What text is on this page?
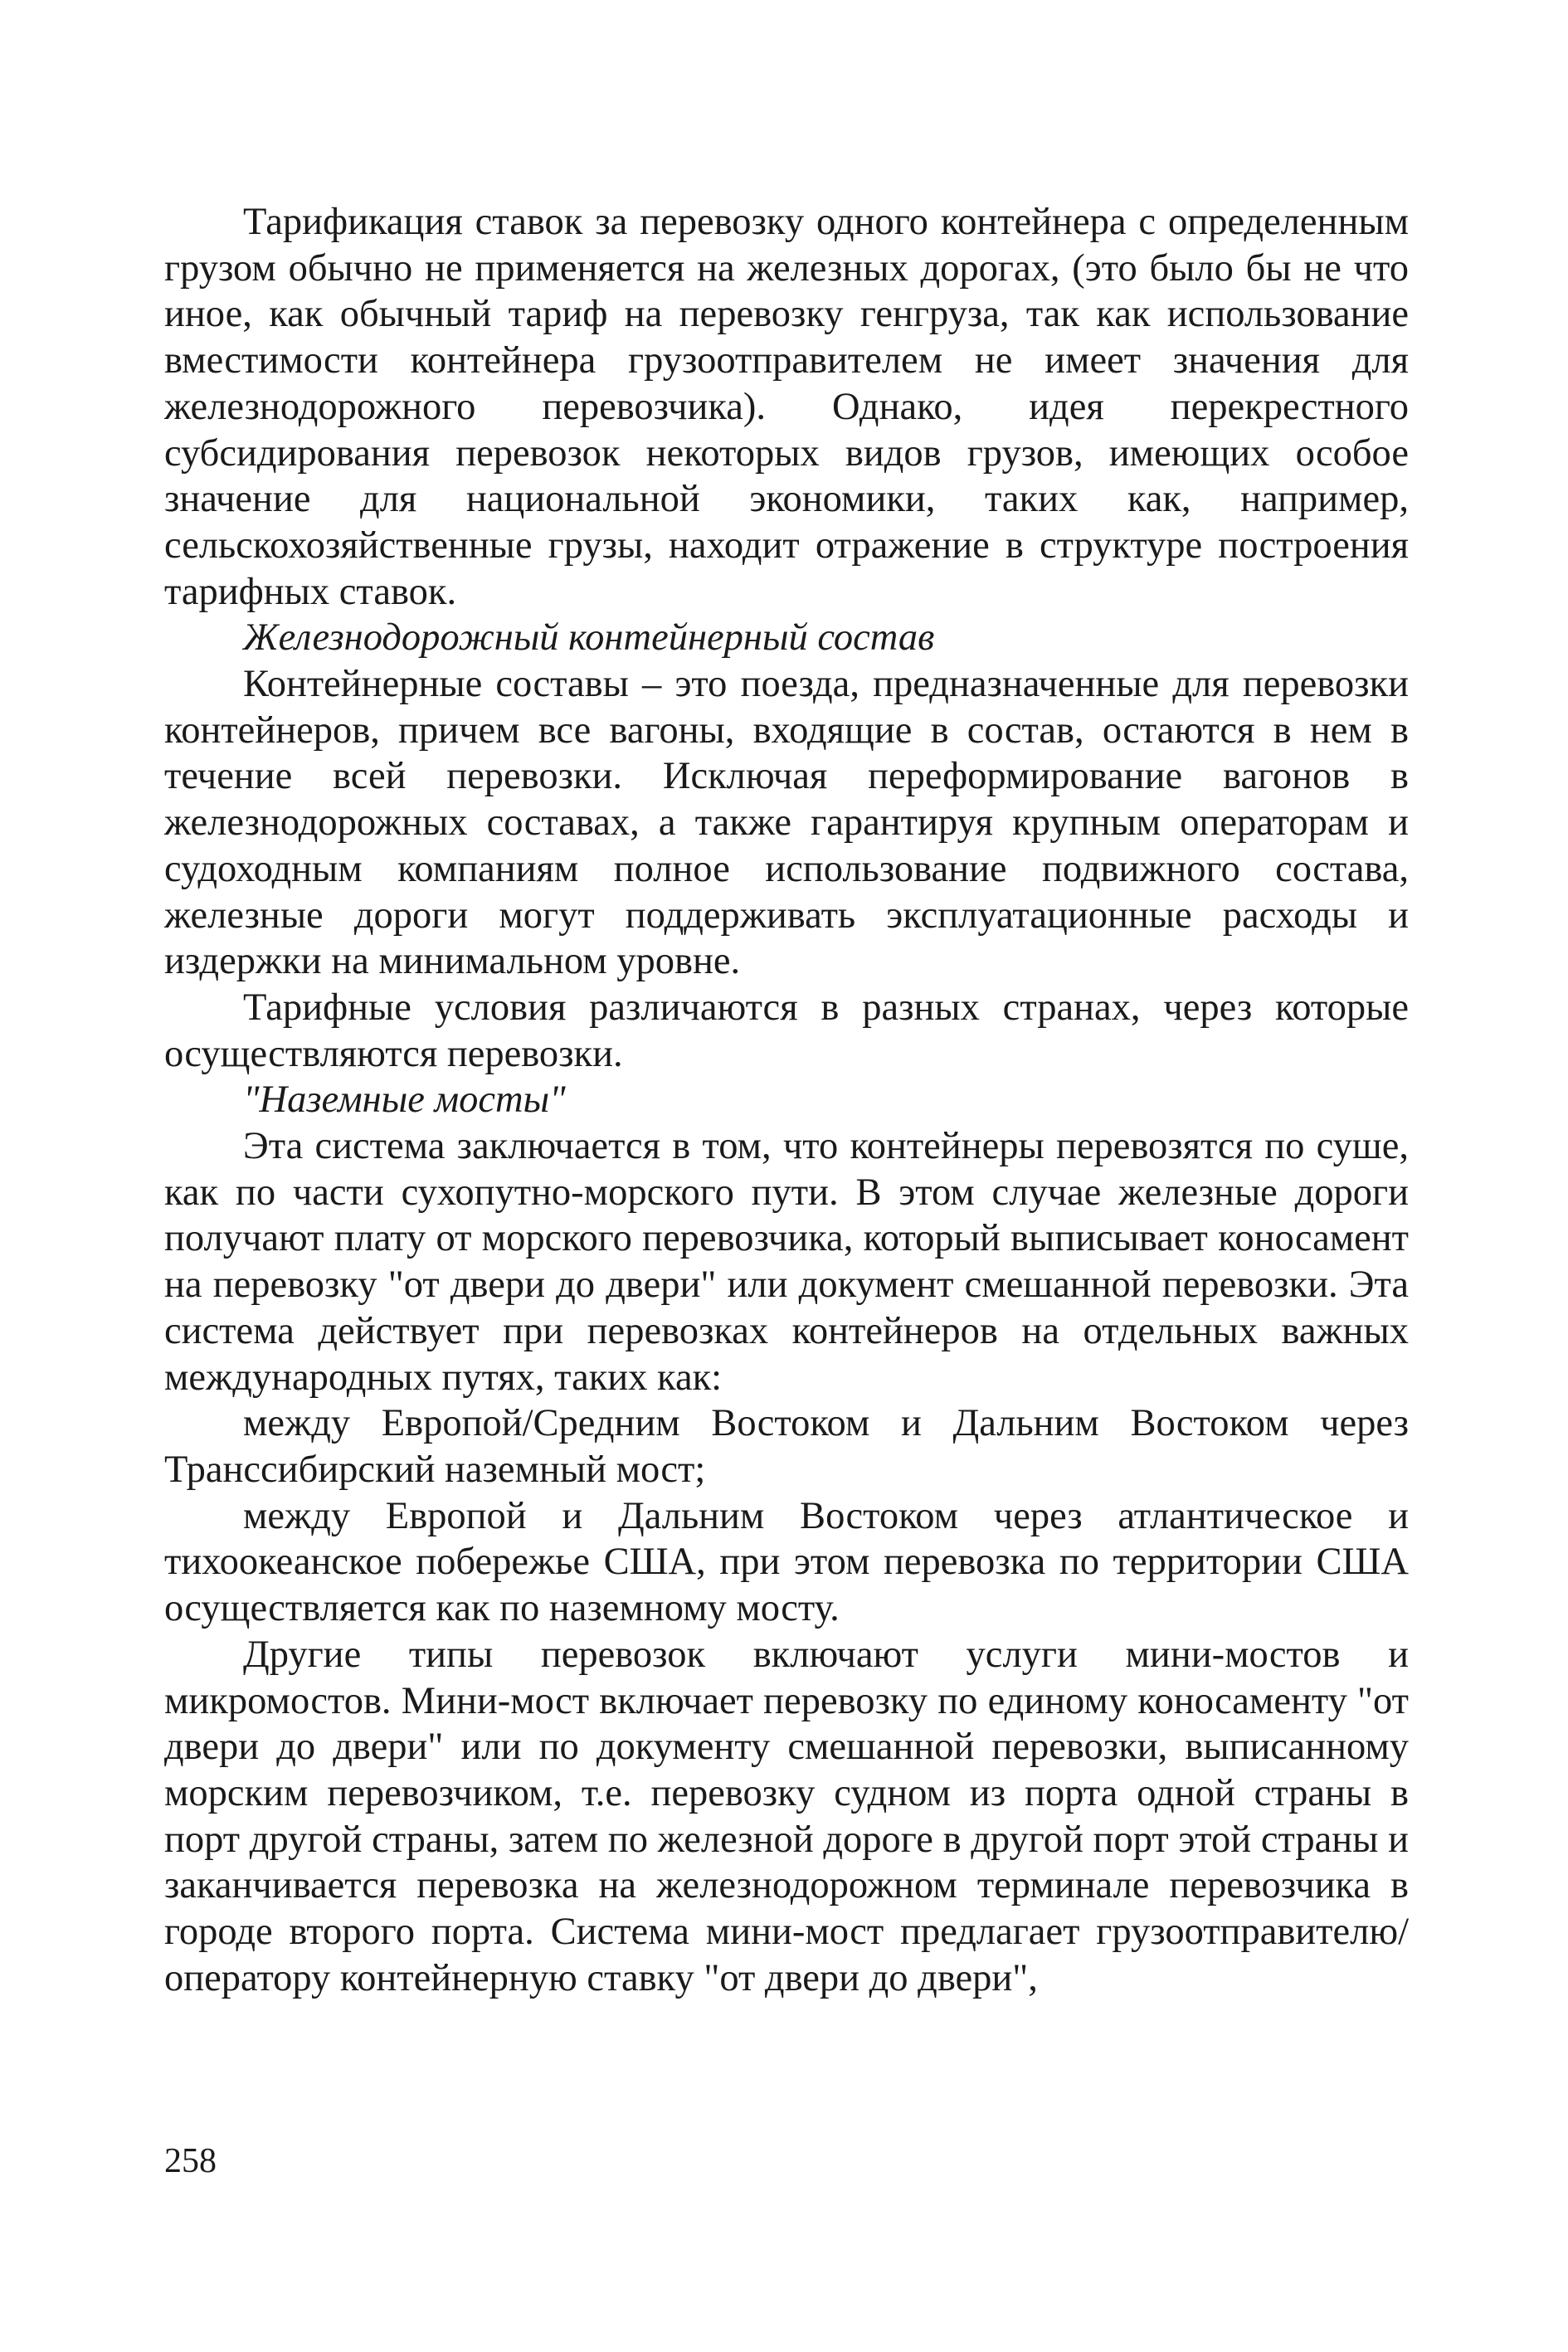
Тарификация ставок за перевозку одного контейнера с определенным грузом обычно не применяется на железных дорогах, (это было бы не что иное, как обычный тариф на перевозку генгруза, так как использование вместимости контейнера грузоотправителем не имеет значения для железнодорожного перевозчика). Однако, идея перекрестного субсидирования перевозок некоторых видов грузов, имеющих особое значение для национальной экономики, таких как, например, сельскохозяйственные грузы, находит отражение в структуре построения тарифных ставок.

Железнодорожный контейнерный состав

Контейнерные составы – это поезда, предназначенные для перевозки контейнеров, причем все вагоны, входящие в состав, остаются в нем в течение всей перевозки. Исключая переформирование вагонов в железнодорожных составах, а также гарантируя крупным операторам и судоходным компаниям полное использование подвижного состава, железные дороги могут поддерживать эксплуатационные расходы и издержки на минимальном уровне.

Тарифные условия различаются в разных странах, через которые осуществляются перевозки.

"Наземные мосты"

Эта система заключается в том, что контейнеры перевозятся по суше, как по части сухопутно-морского пути. В этом случае железные дороги получают плату от морского перевозчика, который выписывает коносамент на перевозку "от двери до двери" или документ смешанной перевозки. Эта система действует при перевозках контейнеров на отдельных важных международных путях, таких как:

между Европой/Средним Востоком и Дальним Востоком через Транссибирский наземный мост;

между Европой и Дальним Востоком через атлантическое и тихоокеанское побережье США, при этом перевозка по территории США осуществляется как по наземному мосту.

Другие типы перевозок включают услуги мини-мостов и микромостов. Мини-мост включает перевозку по единому коносаменту "от двери до двери" или по документу смешанной перевозки, выписанному морским перевозчиком, т.е. перевозку судном из порта одной страны в порт другой страны, затем по железной дороге в другой порт этой страны и заканчивается перевозка на железнодорожном терминале перевозчика в городе второго порта. Система мини-мост предлагает грузоотправителю/оператору контейнерную ставку "от двери до двери",

258
